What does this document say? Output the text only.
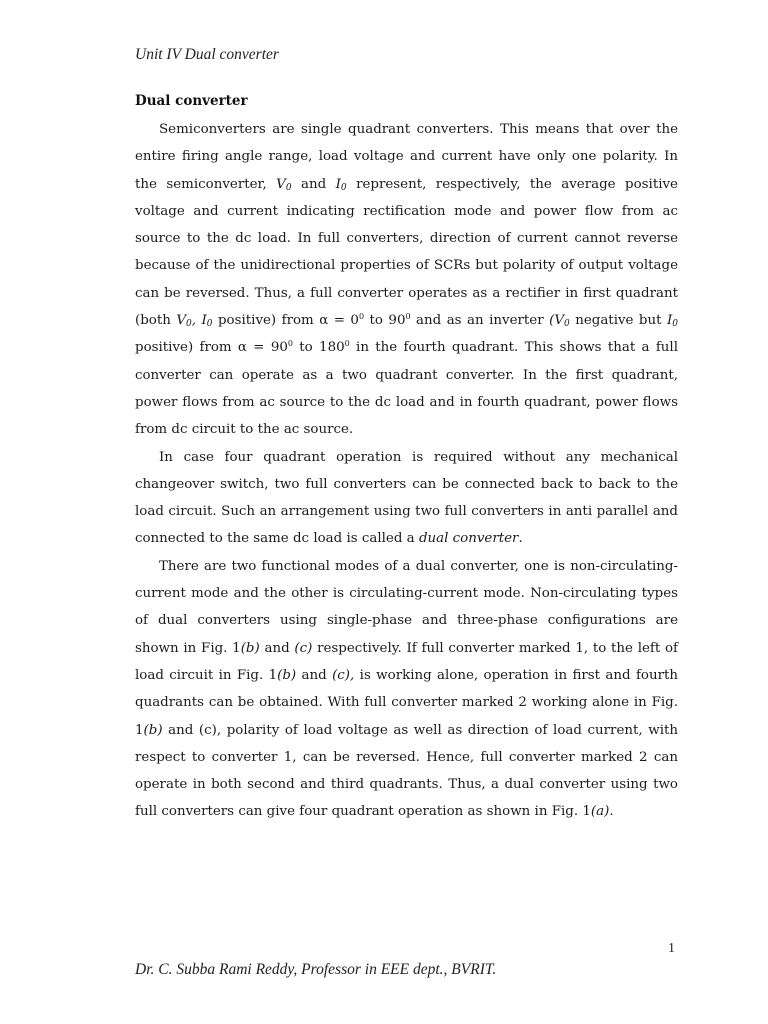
Unit IV Dual converter
Dual converter

Semiconverters are single quadrant converters. This means that over the entire firing angle range, load voltage and current have only one polarity. In the semiconverter, $V_0$ and $I_0$ represent, respectively, the average positive voltage and current indicating rectification mode and power flow from ac source to the dc load. In full converters, direction of current cannot reverse because of the unidirectional properties of SCRs but polarity of output voltage can be reversed. Thus, a full converter operates as a rectifier in first quadrant (both $V_0$, $I_0$ positive) from $\alpha = 0^0$ to $90^0$ and as an inverter ($V_0$ negative but $I_0$ positive) from $\alpha = 90^0$ to $180^0$ in the fourth quadrant. This shows that a full converter can operate as a two quadrant converter. In the first quadrant, power flows from ac source to the dc load and in fourth quadrant, power flows from dc circuit to the ac source.

In case four quadrant operation is required without any mechanical changeover switch, two full converters can be connected back to back to the load circuit. Such an arrangement using two full converters in anti parallel and connected to the same dc load is called a dual converter.

There are two functional modes of a dual converter, one is non-circulating-current mode and the other is circulating-current mode. Non-circulating types of dual converters using single-phase and three-phase configurations are shown in Fig. 1(b) and (c) respectively. If full converter marked 1, to the left of load circuit in Fig. 1(b) and (c), is working alone, operation in first and fourth quadrants can be obtained. With full converter marked 2 working alone in Fig. 1(b) and (c), polarity of load voltage as well as direction of load current, with respect to converter 1, can be reversed. Hence, full converter marked 2 can operate in both second and third quadrants. Thus, a dual converter using two full converters can give four quadrant operation as shown in Fig. 1(a).

1
Dr. C. Subba Rami Reddy, Professor in EEE dept., BVRIT.
